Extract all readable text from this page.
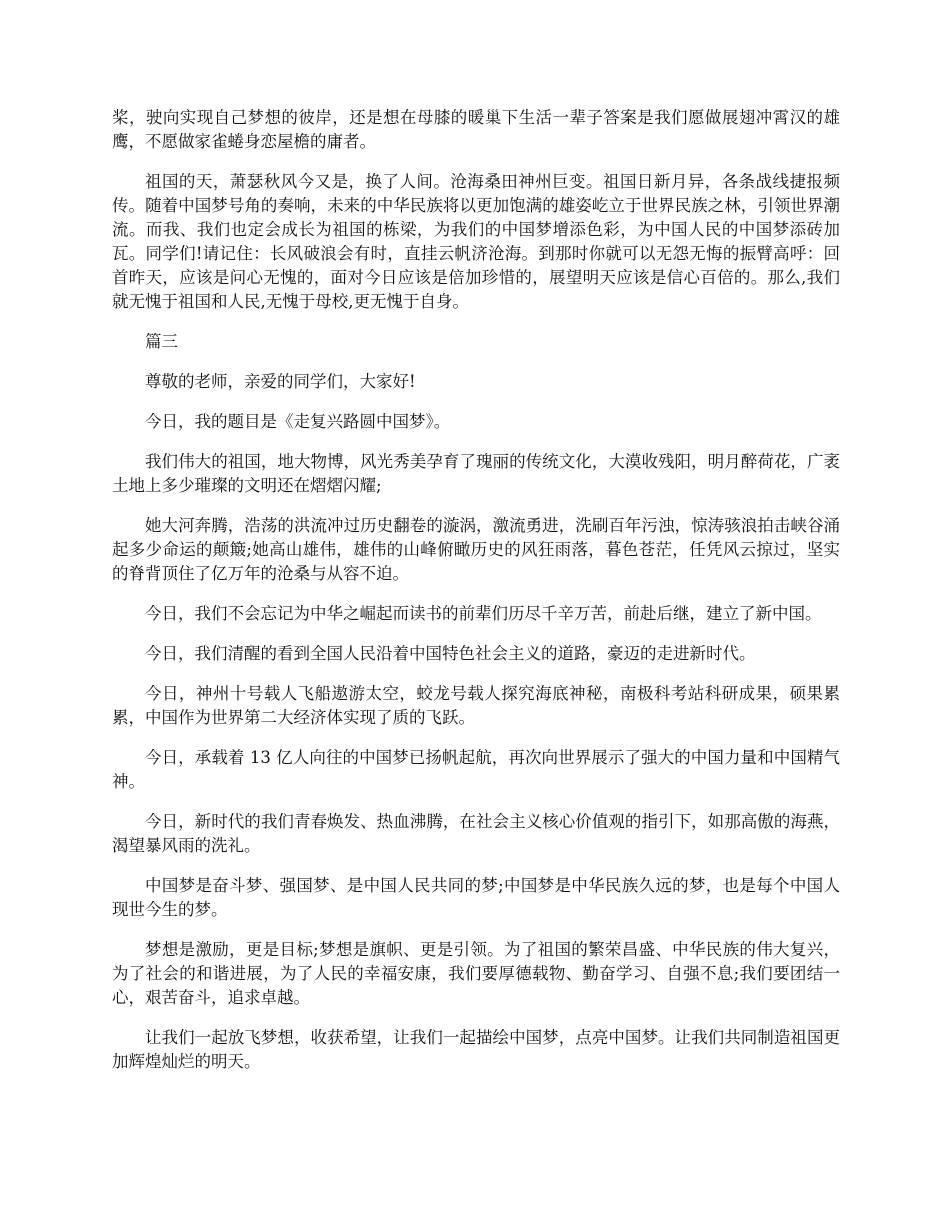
桨，驶向实现自己梦想的彼岸，还是想在母膝的暖巢下生活一辈子答案是我们愿做展翅冲霄汉的雄鹰，不愿做家雀蜷身恋屋檐的庸者。

祖国的天，萧瑟秋风今又是，换了人间。沧海桑田神州巨变。祖国日新月异，各条战线捷报频传。随着中国梦号角的奏响，未来的中华民族将以更加饱满的雄姿屹立于世界民族之林，引领世界潮流。而我、我们也定会成长为祖国的栋梁，为我们的中国梦增添色彩，为中国人民的中国梦添砖加瓦。同学们!请记住：长风破浪会有时，直挂云帆济沧海。到那时你就可以无怨无悔的振臂高呼：回首昨天，应该是问心无愧的，面对今日应该是倍加珍惜的，展望明天应该是信心百倍的。那么,我们就无愧于祖国和人民,无愧于母校,更无愧于自身。

篇三

尊敬的老师，亲爱的同学们，大家好!

今日，我的题目是《走复兴路圆中国梦》。

我们伟大的祖国，地大物博，风光秀美孕育了瑰丽的传统文化，大漠收残阳，明月醉荷花，广袤土地上多少璀璨的文明还在熠熠闪耀;

她大河奔腾，浩荡的洪流冲过历史翻卷的漩涡，激流勇进，洗刷百年污浊，惊涛骇浪拍击峡谷涌起多少命运的颠簸;她高山雄伟，雄伟的山峰俯瞰历史的风狂雨落，暮色苍茫，任凭风云掠过，坚实的脊背顶住了亿万年的沧桑与从容不迫。

今日，我们不会忘记为中华之崛起而读书的前辈们历尽千辛万苦，前赴后继，建立了新中国。

今日，我们清醒的看到全国人民沿着中国特色社会主义的道路，豪迈的走进新时代。

今日，神州十号载人飞船遨游太空，蛟龙号载人探究海底神秘，南极科考站科研成果，硕果累累，中国作为世界第二大经济体实现了质的飞跃。

今日，承载着 13 亿人向往的中国梦已扬帆起航，再次向世界展示了强大的中国力量和中国精气神。

今日，新时代的我们青春焕发、热血沸腾，在社会主义核心价值观的指引下，如那高傲的海燕，渴望暴风雨的洗礼。

中国梦是奋斗梦、强国梦、是中国人民共同的梦;中国梦是中华民族久远的梦，也是每个中国人现世今生的梦。

梦想是激励，更是目标;梦想是旗帜、更是引领。为了祖国的繁荣昌盛、中华民族的伟大复兴，为了社会的和谐进展，为了人民的幸福安康，我们要厚德载物、勤奋学习、自强不息;我们要团结一心，艰苦奋斗，追求卓越。

让我们一起放飞梦想，收获希望，让我们一起描绘中国梦，点亮中国梦。让我们共同制造祖国更加辉煌灿烂的明天。
